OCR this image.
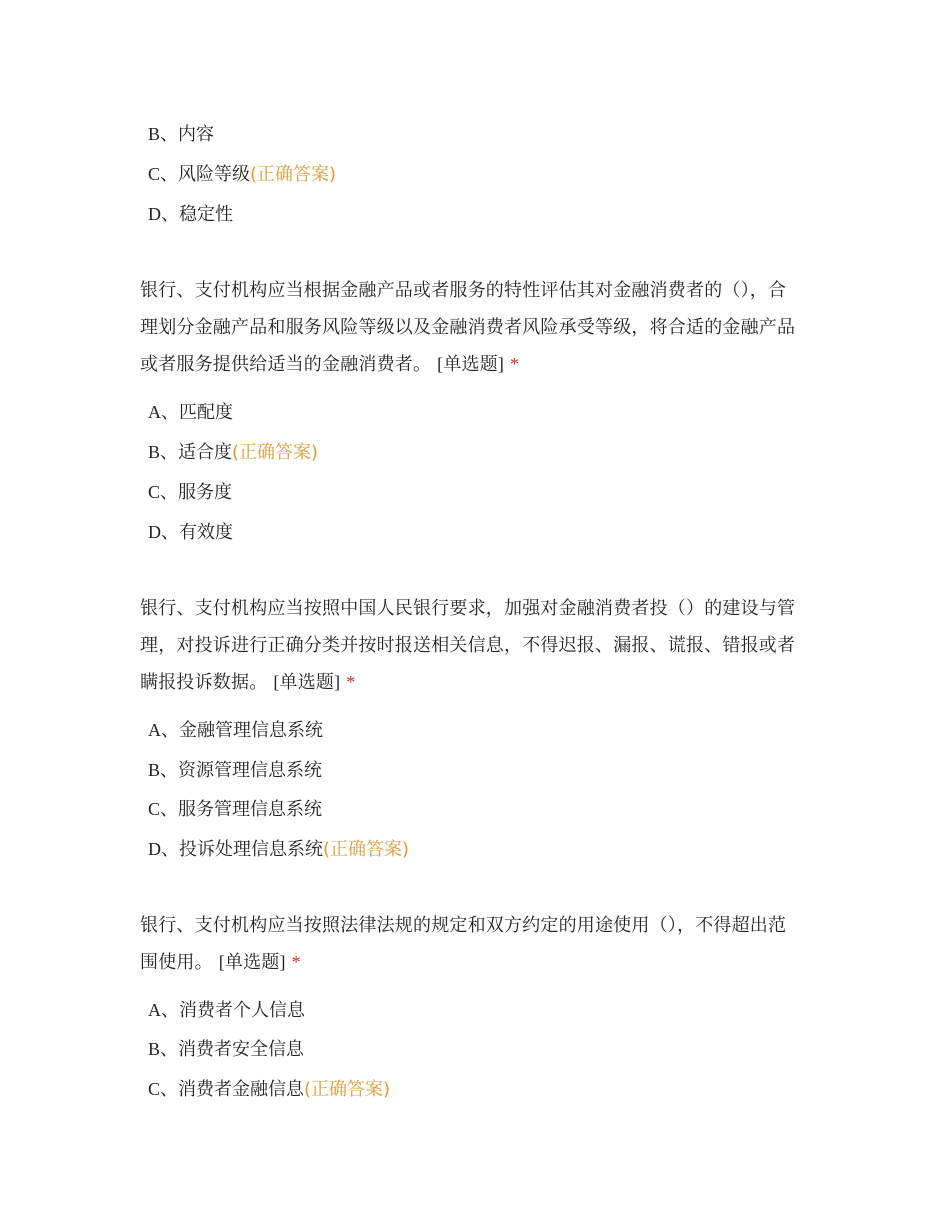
B、内容
C、风险等级(正确答案)
D、稳定性
银行、支付机构应当根据金融产品或者服务的特性评估其对金融消费者的（），合
理划分金融产品和服务风险等级以及金融消费者风险承受等级，将合适的金融产品
或者服务提供给适当的金融消费者。 [单选题] *
A、匹配度
B、适合度(正确答案)
C、服务度
D、有效度
银行、支付机构应当按照中国人民银行要求，加强对金融消费者投（）的建设与管
理，对投诉进行正确分类并按时报送相关信息，不得迟报、漏报、谎报、错报或者
瞒报投诉数据。 [单选题] *
A、金融管理信息系统
B、资源管理信息系统
C、服务管理信息系统
D、投诉处理信息系统(正确答案)
银行、支付机构应当按照法律法规的规定和双方约定的用途使用（），不得超出范
围使用。 [单选题] *
A、消费者个人信息
B、消费者安全信息
C、消费者金融信息(正确答案)
